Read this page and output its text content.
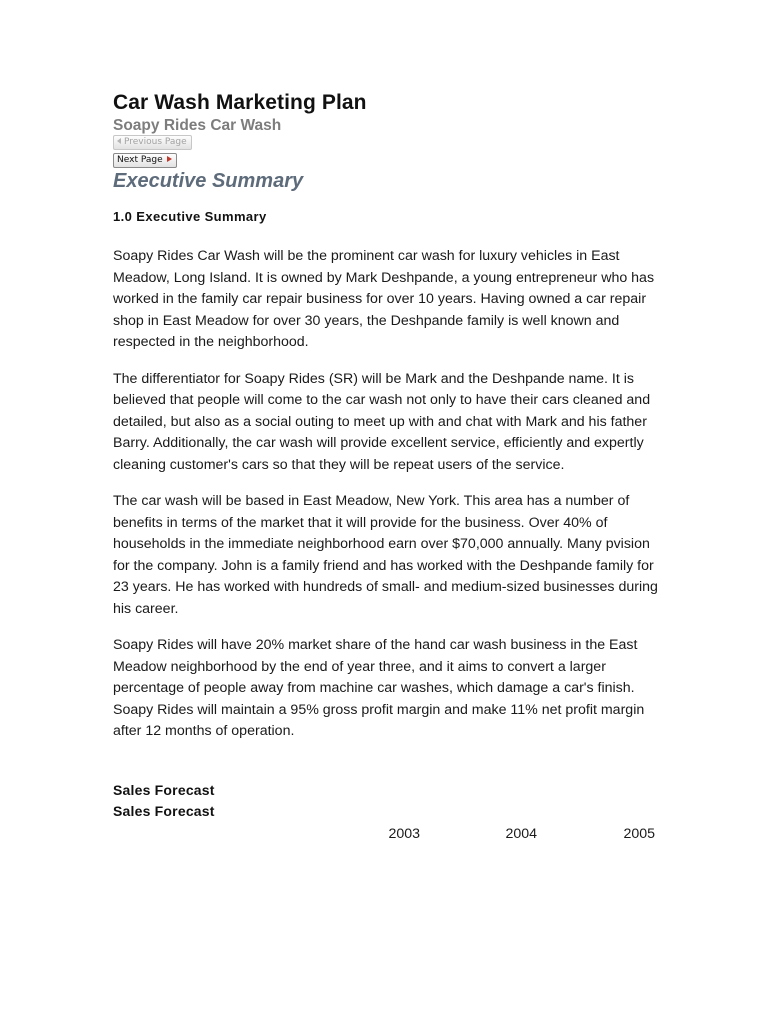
Car Wash Marketing Plan
Soapy Rides Car Wash
Previous Page
Next Page
Executive Summary
1.0 Executive Summary

Soapy Rides Car Wash will be the prominent car wash for luxury vehicles in East Meadow, Long Island. It is owned by Mark Deshpande, a young entrepreneur who has worked in the family car repair business for over 10 years. Having owned a car repair shop in East Meadow for over 30 years, the Deshpande family is well known and respected in the neighborhood.

The differentiator for Soapy Rides (SR) will be Mark and the Deshpande name. It is believed that people will come to the car wash not only to have their cars cleaned and detailed, but also as a social outing to meet up with and chat with Mark and his father Barry. Additionally, the car wash will provide excellent service, efficiently and expertly cleaning customer's cars so that they will be repeat users of the service.

The car wash will be based in East Meadow, New York. This area has a number of benefits in terms of the market that it will provide for the business. Over 40% of households in the immediate neighborhood earn over $70,000 annually. Many pvision for the company. John is a family friend and has worked with the Deshpande family for 23 years. He has worked with hundreds of small- and medium-sized businesses during his career.

Soapy Rides will have 20% market share of the hand car wash business in the East Meadow neighborhood by the end of year three, and it aims to convert a larger percentage of people away from machine car washes, which damage a car's finish. Soapy Rides will maintain a 95% gross profit margin and make 11% net profit margin after 12 months of operation.

Sales Forecast
Sales Forecast
2003	2004	2005
